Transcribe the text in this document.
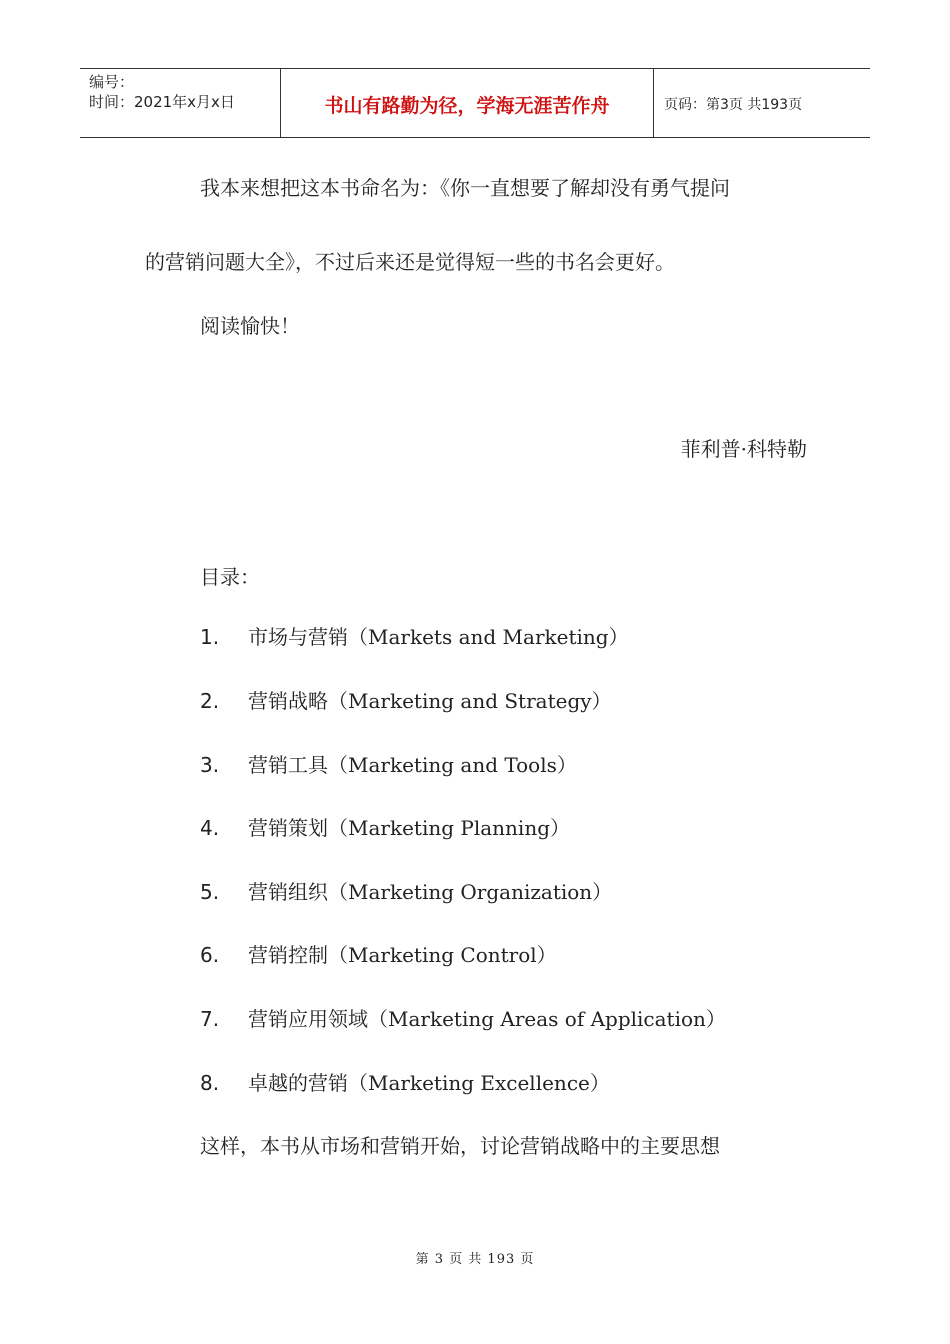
编号：
时间：2021年x月x日	书山有路勤为径，学海无涯苦作舟	页码：第3页 共193页
我本来想把这本书命名为：《你一直想要了解却没有勇气提问
的营销问题大全》，不过后来还是觉得短一些的书名会更好。
阅读愉快！
菲利普·科特勒
目录：
1. 市场与营销（Markets and Marketing）
2. 营销战略（Marketing and Strategy）
3. 营销工具（Marketing and Tools）
4. 营销策划（Marketing Planning）
5. 营销组织（Marketing Organization）
6. 营销控制（Marketing Control）
7. 营销应用领域（Marketing Areas of Application）
8. 卓越的营销（Marketing Excellence）
这样，本书从市场和营销开始，讨论营销战略中的主要思想
第 3 页 共 193 页
